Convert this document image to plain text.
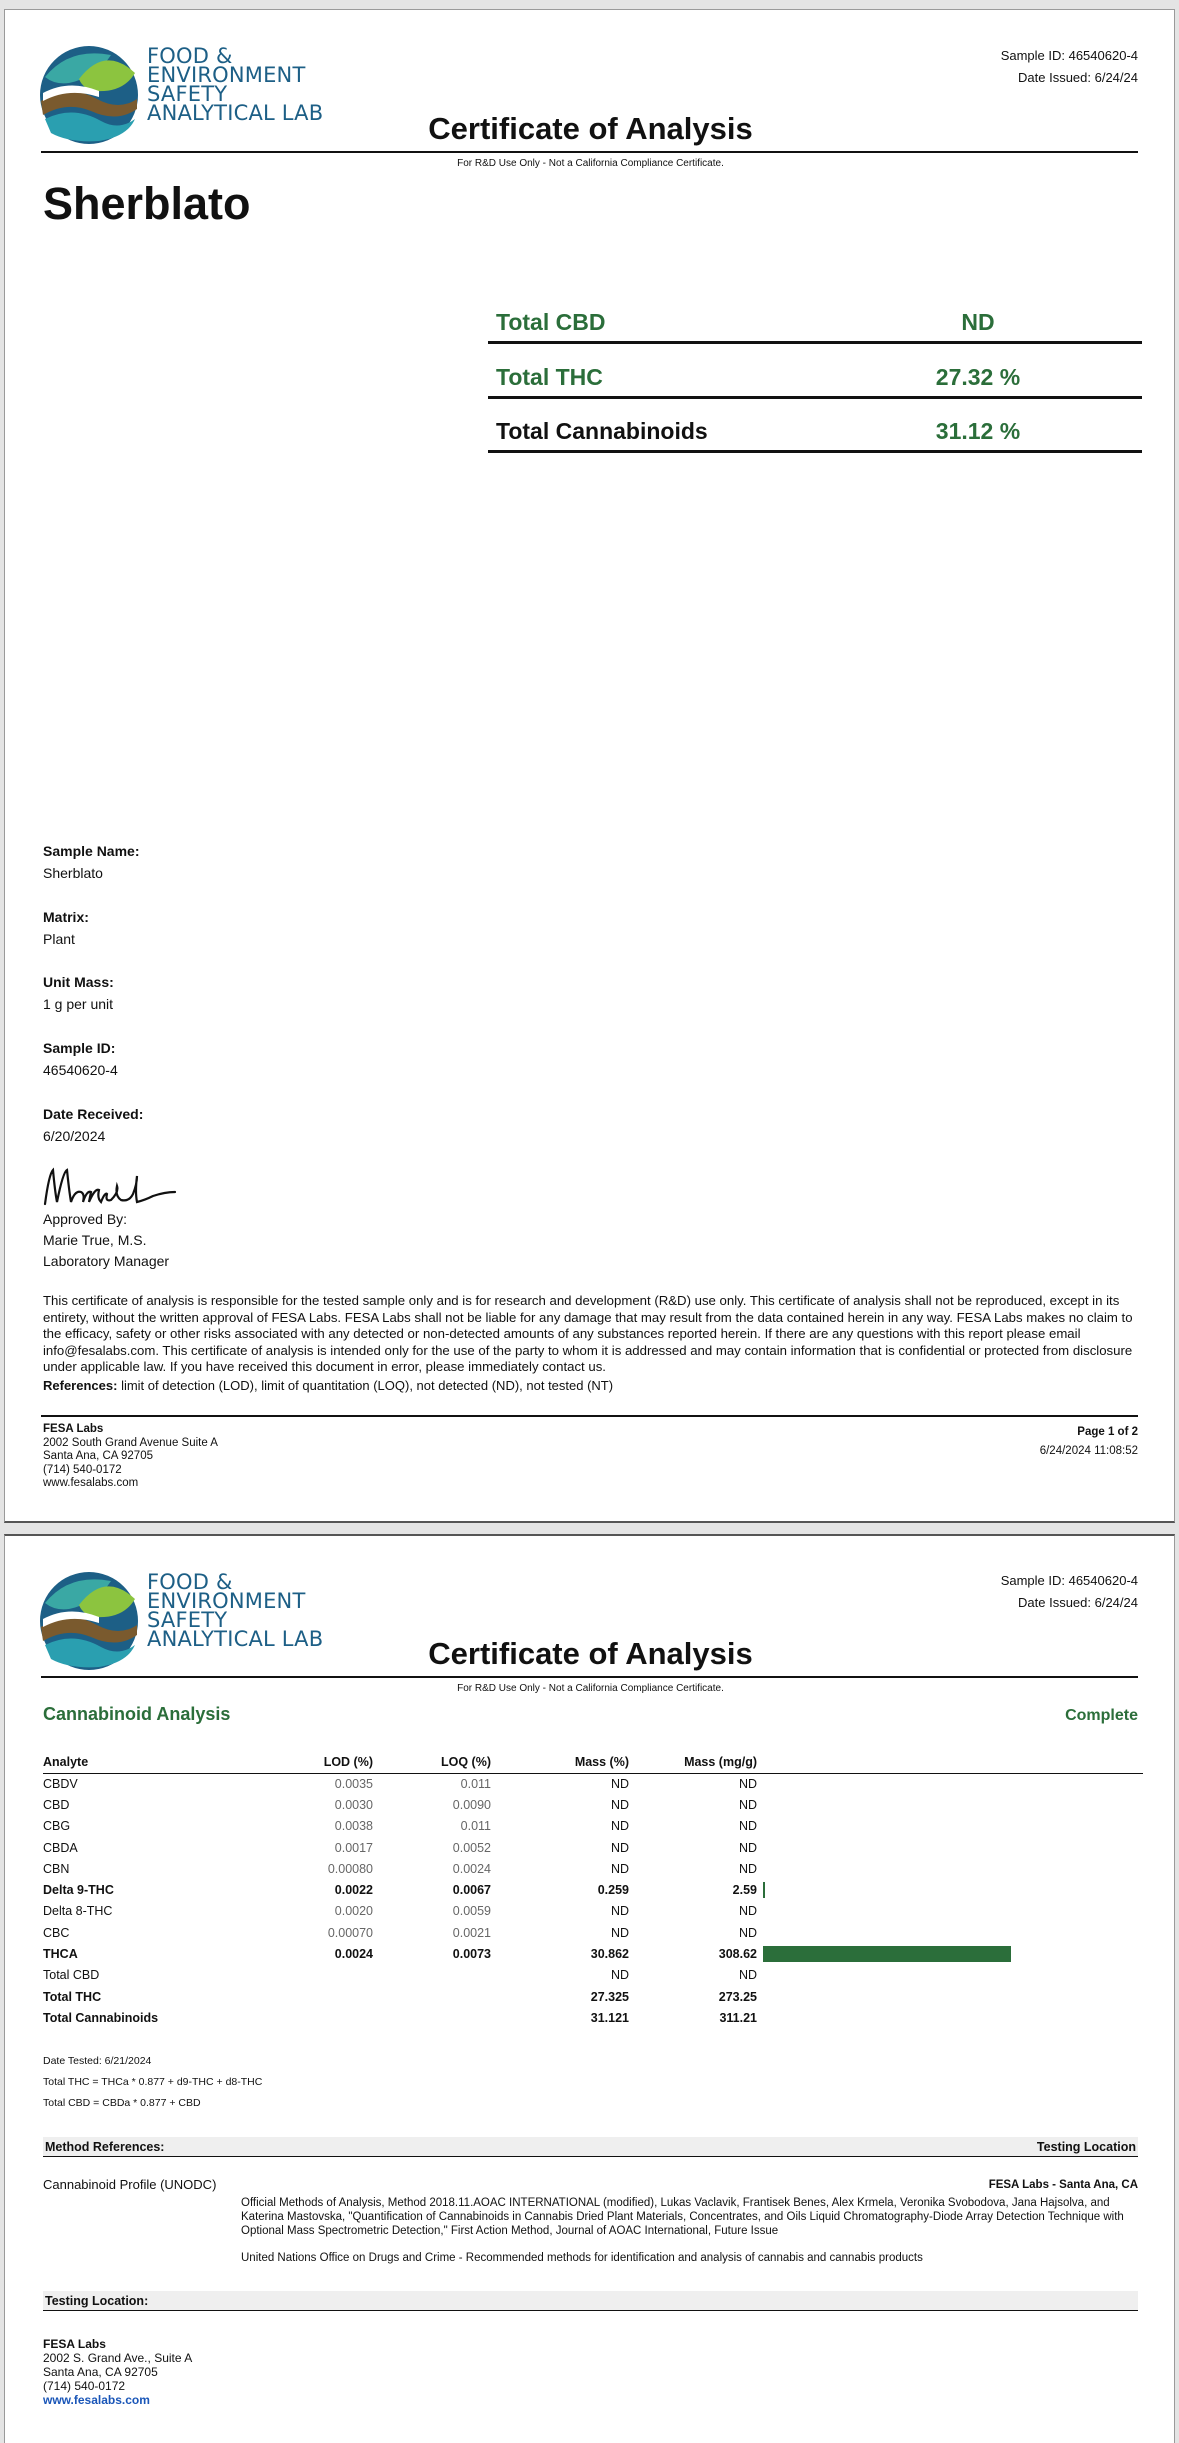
FOOD &
ENVIRONMENT
SAFETY
ANALYTICAL LAB
Sample ID: 46540620-4
Date Issued: 6/24/24
Certificate of Analysis
For R&D Use Only - Not a California Compliance Certificate.
Sherblato
Total CBD	ND
Total THC	27.32 %
Total Cannabinoids	31.12 %
Sample Name:
Sherblato
Matrix:
Plant
Unit Mass:
1 g per unit
Sample ID:
46540620-4
Date Received:
6/20/2024
Approved By:
Marie True, M.S.
Laboratory Manager
This certificate of analysis is responsible for the tested sample only and is for research and development (R&D) use only. This certificate of analysis shall not be reproduced, except in its entirety, without the written approval of FESA Labs. FESA Labs shall not be liable for any damage that may result from the data contained herein in any way. FESA Labs makes no claim to the efficacy, safety or other risks associated with any detected or non-detected amounts of any substances reported herein. If there are any questions with this report please email info@fesalabs.com. This certificate of analysis is intended only for the use of the party to whom it is addressed and may contain information that is confidential or protected from disclosure under applicable law. If you have received this document in error, please immediately contact us.
References: limit of detection (LOD), limit of quantitation (LOQ), not detected (ND), not tested (NT)
FESA Labs
2002 South Grand Avenue Suite A
Santa Ana, CA 92705
(714) 540-0172
www.fesalabs.com
Page 1 of 2
6/24/2024 11:08:52
FOOD &
ENVIRONMENT
SAFETY
ANALYTICAL LAB
Sample ID: 46540620-4
Date Issued: 6/24/24
Certificate of Analysis
For R&D Use Only - Not a California Compliance Certificate.
Cannabinoid Analysis	Complete
Analyte	LOD (%)	LOQ (%)	Mass (%)	Mass (mg/g)	
CBDV	0.0035	0.011	ND	ND	
CBD	0.0030	0.0090	ND	ND	
CBG	0.0038	0.011	ND	ND	
CBDA	0.0017	0.0052	ND	ND	
CBN	0.00080	0.0024	ND	ND	
Delta 9-THC	0.0022	0.0067	0.259	2.59	

Delta 8-THC	0.0020	0.0059	ND	ND	
CBC	0.00070	0.0021	ND	ND	
THCA	0.0024	0.0073	30.862	308.62	

Total CBD			ND	ND	
Total THC			27.325	273.25	
Total Cannabinoids			31.121	311.21	
Date Tested: 6/21/2024
Total THC = THCa * 0.877 + d9-THC + d8-THC
Total CBD = CBDa * 0.877 + CBD
Method References:	Testing Location
Cannabinoid Profile (UNODC)	FESA Labs - Santa Ana, CA
Official Methods of Analysis, Method 2018.11.AOAC INTERNATIONAL (modified), Lukas Vaclavik, Frantisek Benes, Alex Krmela, Veronika Svobodova, Jana Hajsolva, and Katerina Mastovska, "Quantification of Cannabinoids in Cannabis Dried Plant Materials, Concentrates, and Oils Liquid Chromatography-Diode Array Detection Technique with Optional Mass Spectrometric Detection," First Action Method, Journal of AOAC International, Future Issue
United Nations Office on Drugs and Crime - Recommended methods for identification and analysis of cannabis and cannabis products
Testing Location:
FESA Labs
2002 S. Grand Ave., Suite A
Santa Ana, CA 92705
(714) 540-0172
www.fesalabs.com
